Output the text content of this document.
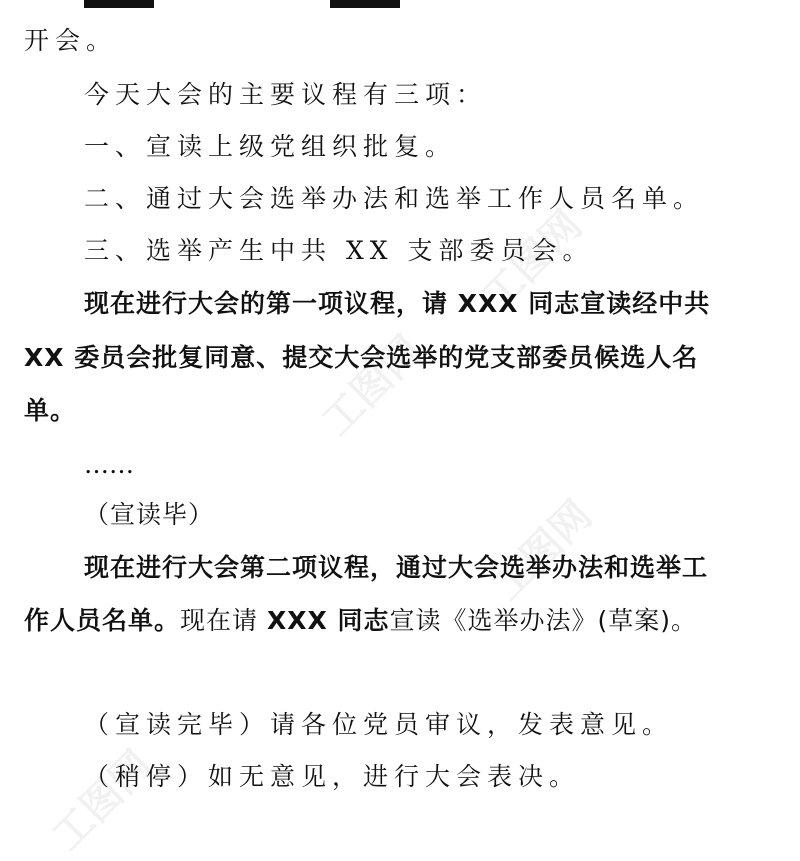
工图网
工图网
工图网
工图网
开会。
今天大会的主要议程有三项：
一、宣读上级党组织批复。
二、通过大会选举办法和选举工作人员名单。
三、选举产生中共 XX 支部委员会。
现在进行大会的第一项议程，请 XXX 同志宣读经中共
XX 委员会批复同意、提交大会选举的党支部委员候选人名
单。
……
（宣读毕）
现在进行大会第二项议程，通过大会选举办法和选举工
作人员名单。现在请 XXX 同志宣读《选举办法》(草案)。
（宣读完毕）请各位党员审议，发表意见。
（稍停）如无意见，进行大会表决。
